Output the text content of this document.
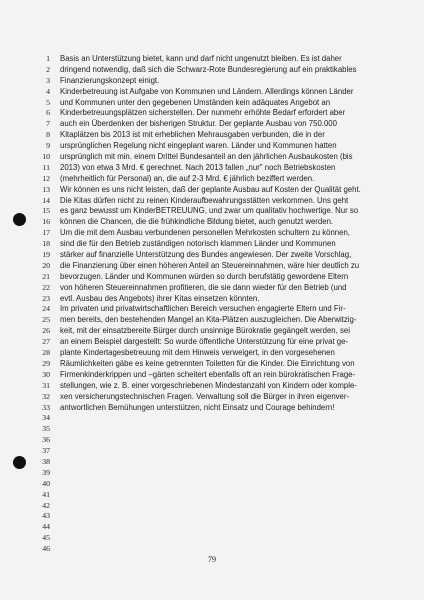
1 Basis an Unterstützung bietet, kann und darf nicht ungenutzt bleiben. Es ist daher
2 dringend notwendig, daß sich die Schwarz-Rote Bundesregierung auf ein praktikables
3 Finanzierungskonzept einigt.
4 Kinderbetreuung ist Aufgabe von Kommunen und Ländern. Allerdings können Länder
5 und Kommunen unter den gegebenen Umständen kein adäquates Angebot an
6 Kinderbetreuungsplätzen sicherstellen. Der nunmehr erhöhte Bedarf erfordert aber
7 auch ein Überdenken der bisherigen Struktur. Der geplante Ausbau von 750.000
8 Kitaplätzen bis 2013 ist mit erheblichen Mehrausgaben verbunden, die in der
9 ursprünglichen Regelung nicht eingeplant waren. Länder und Kommunen hatten
10 ursprünglich mit min. einem Drittel Bundesanteil an den jährlichen Ausbaukosten (bis
11 2013) von etwa 3 Mrd. € gerechnet. Nach 2013 fallen „nur" noch Betriebskosten
12 (mehrheitlich für Personal) an, die auf 2-3 Mrd. € jährlich beziffert werden.
13 Wir können es uns nicht leisten, daß der geplante Ausbau auf Kosten der Qualität geht.
14 Die Kitas dürfen nicht zu reinen Kinderaufbewahrungsstätten verkommen. Uns geht
15 es ganz bewusst um KinderBETREUUNG, und zwar um qualitativ hochwertige. Nur so
16 können die Chancen, die die frühkindliche Bildung bietet, auch genutzt werden.
17 Um die mit dem Ausbau verbundenen personellen Mehrkosten schultern zu können,
18 sind die für den Betrieb zuständigen notorisch klammen Länder und Kommunen
19 stärker auf finanzielle Unterstützung des Bundes angewiesen. Der zweite Vorschlag,
20 die Finanzierung über einen höheren Anteil an Steuereinnahmen, wäre hier deutlich zu
21 bevorzugen. Länder und Kommunen würden so durch berufstätig gewordene Eltern
22 von höheren Steuereinnahmen profitieren, die sie dann wieder für den Betrieb (und
23 evtl. Ausbau des Angebots) ihrer Kitas einsetzen könnten.
24 Im privaten und privatwirtschaftlichen Bereich versuchen engagierte Eltern und Fir-
25 men bereits, den bestehenden Mangel an Kita-Plätzen auszugleichen. Die Aberwitzig-
26 keit, mit der einsatzbereite Bürger durch unsinnige Bürokratie gegängelt werden, sei
27 an einem Beispiel dargestellt: So wurde öffentliche Unterstützung für eine privat ge-
28 plante Kindertagesbetreuung mit dem Hinweis verweigert, in den vorgesehenen
29 Räumlichkeiten gäbe es keine getrennten Toiletten für die Kinder. Die Einrichtung von
30 Firmenkinderkrippen und –gärten scheitert ebenfalls oft an rein bürokratischen Frage-
31 stellungen, wie z. B. einer vorgeschriebenen Mindestanzahl von Kindern oder komple-
32 xen versicherungstechnischen Fragen. Verwaltung soll die Bürger in ihren eigenver-
33 antwortlichen Bemühungen unterstützen, nicht Einsatz und Courage behindern!
34
35
36
37
38
39
40
41
42
43
44
45
46
79
